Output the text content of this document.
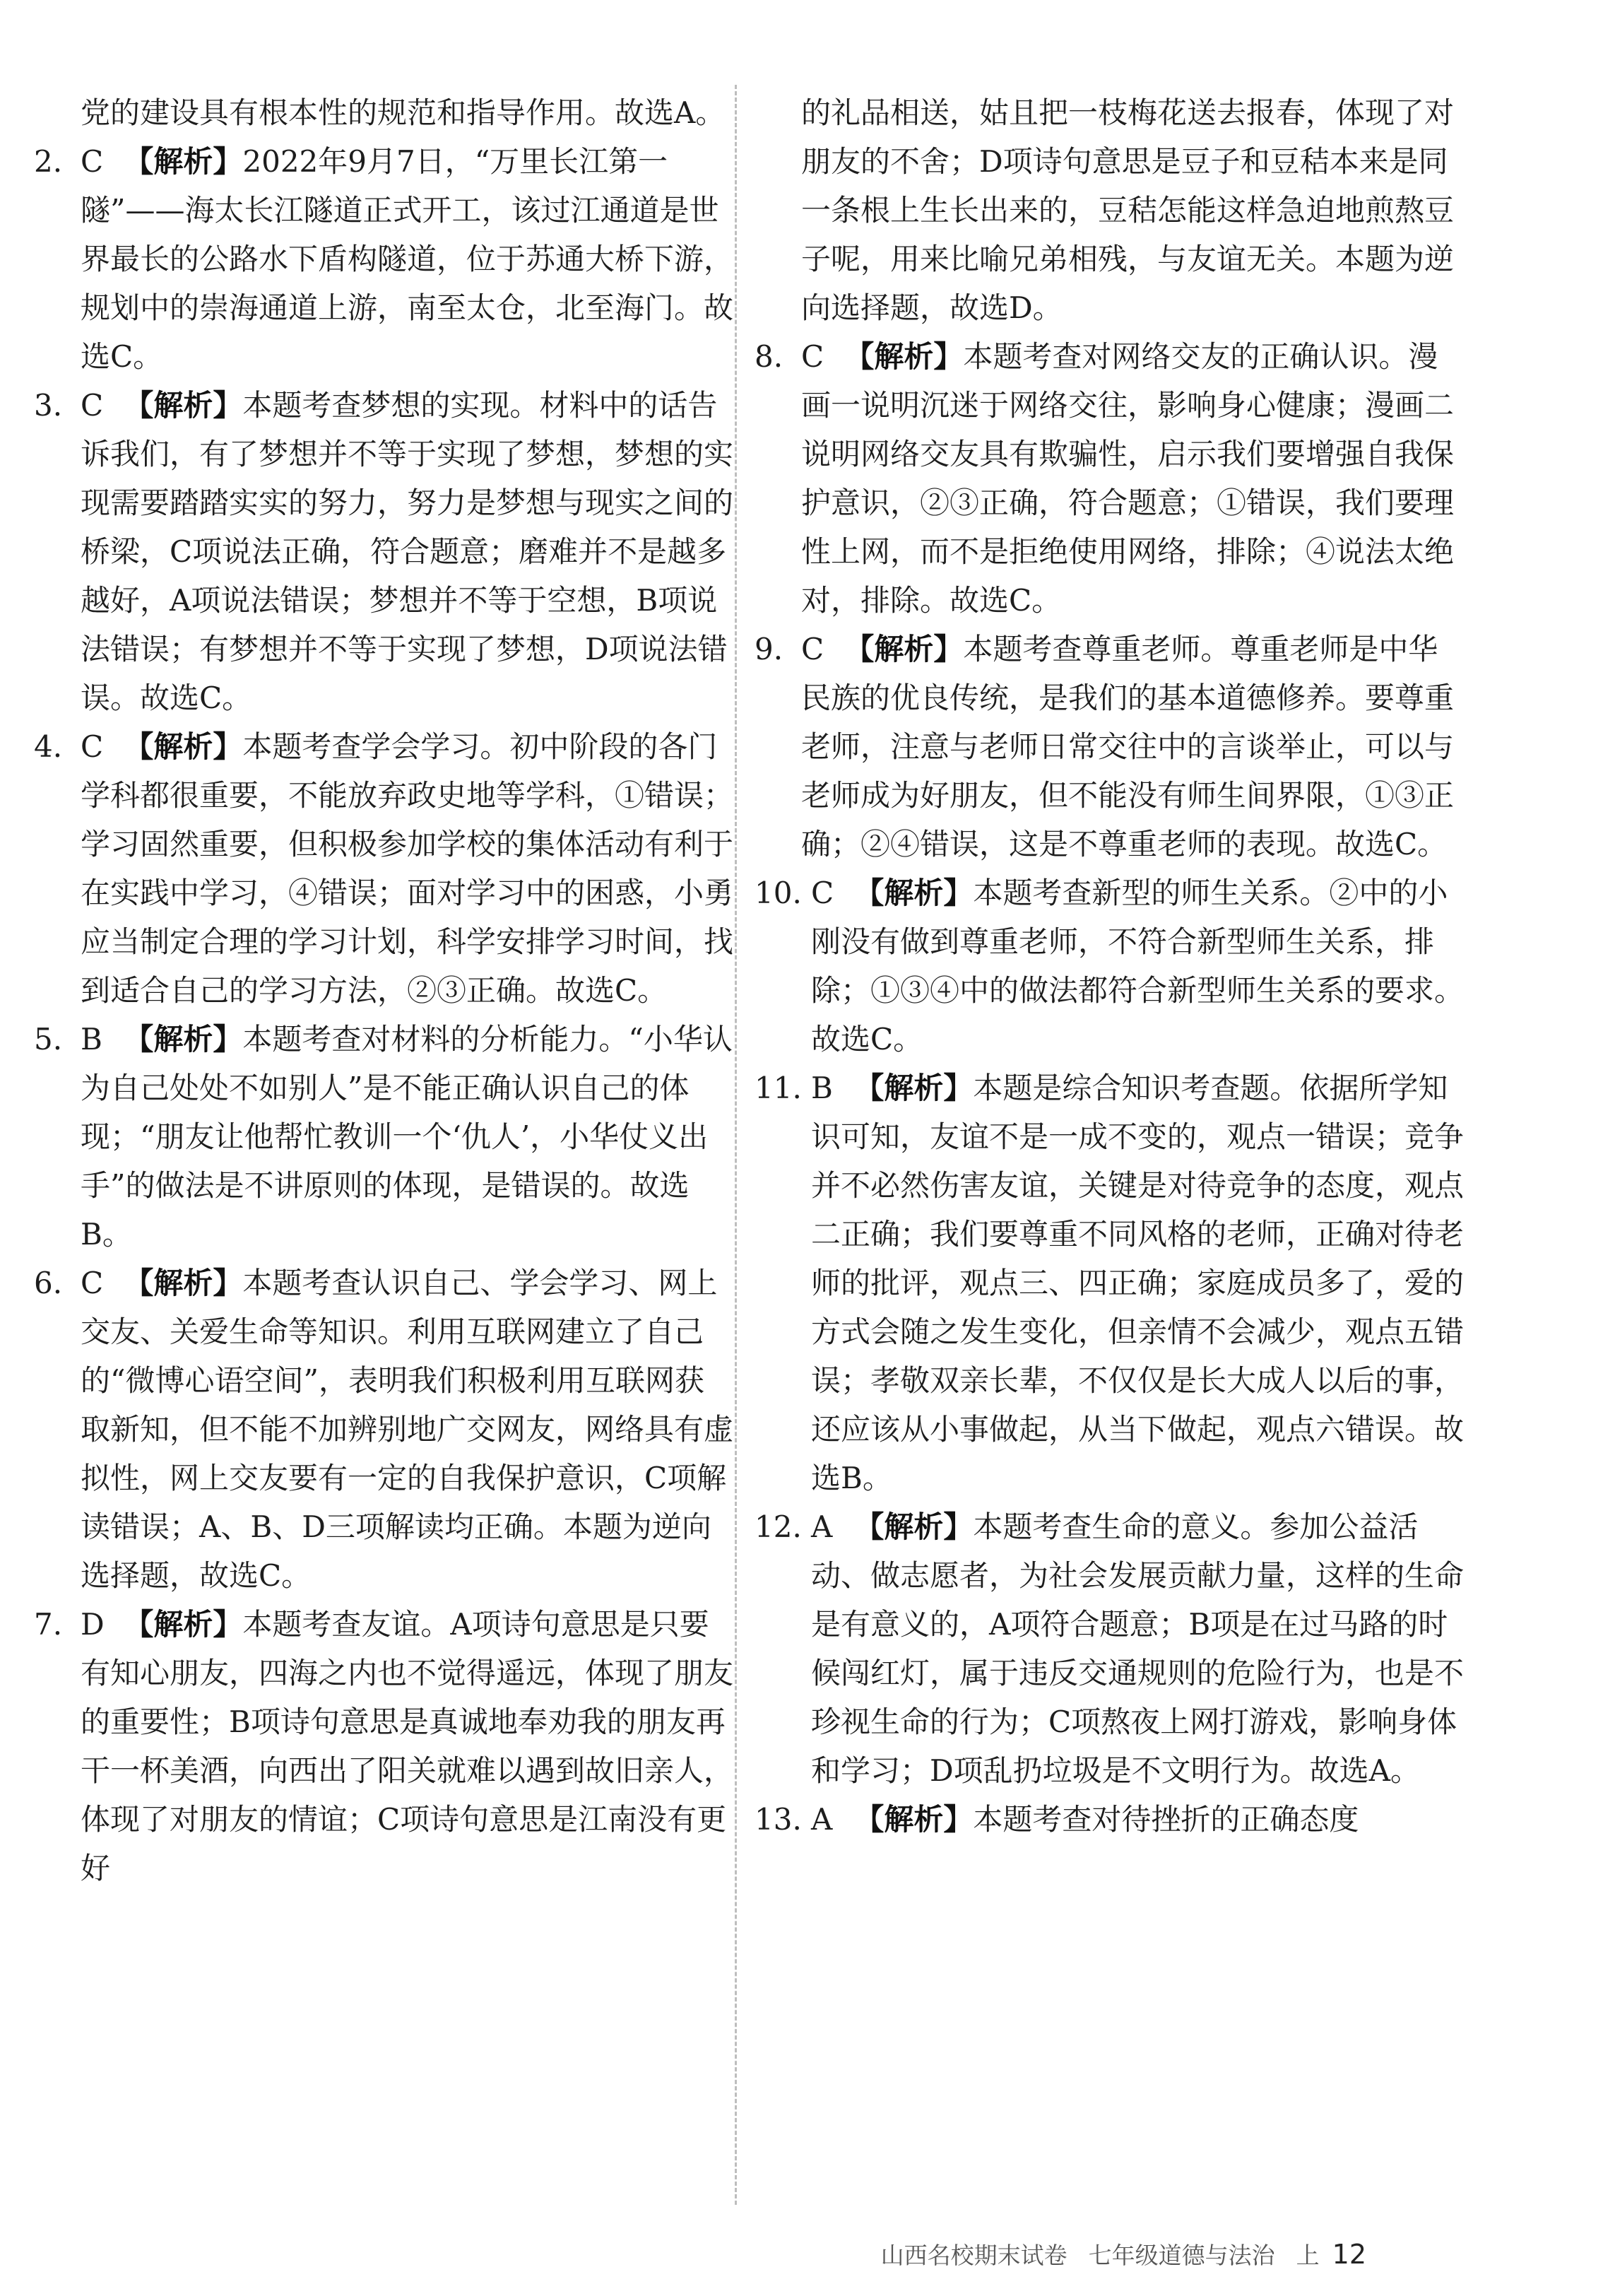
党的建设具有根本性的规范和指导作用。故选A。

2. C 【解析】2022年9月7日，“万里长江第一隧”——海太长江隧道正式开工，该过江通道是世界最长的公路水下盾构隧道，位于苏通大桥下游，规划中的崇海通道上游，南至太仓，北至海门。故选C。

3. C 【解析】本题考查梦想的实现。材料中的话告诉我们，有了梦想并不等于实现了梦想，梦想的实现需要踏踏实实的努力，努力是梦想与现实之间的桥梁，C项说法正确，符合题意；磨难并不是越多越好，A项说法错误；梦想并不等于空想，B项说法错误；有梦想并不等于实现了梦想，D项说法错误。故选C。

4. C 【解析】本题考查学会学习。初中阶段的各门学科都很重要，不能放弃政史地等学科，①错误；学习固然重要，但积极参加学校的集体活动有利于在实践中学习，④错误；面对学习中的困惑，小勇应当制定合理的学习计划，科学安排学习时间，找到适合自己的学习方法，②③正确。故选C。

5. B 【解析】本题考查对材料的分析能力。“小华认为自己处处不如别人”是不能正确认识自己的体现；“朋友让他帮忙教训一个‘仇人’，小华仗义出手”的做法是不讲原则的体现，是错误的。故选B。

6. C 【解析】本题考查认识自己、学会学习、网上交友、关爱生命等知识。利用互联网建立了自己的“微博心语空间”，表明我们积极利用互联网获取新知，但不能不加辨别地广交网友，网络具有虚拟性，网上交友要有一定的自我保护意识，C项解读错误；A、B、D三项解读均正确。本题为逆向选择题，故选C。

7. D 【解析】本题考查友谊。A项诗句意思是只要有知心朋友，四海之内也不觉得遥远，体现了朋友的重要性；B项诗句意思是真诚地奉劝我的朋友再干一杯美酒，向西出了阳关就难以遇到故旧亲人，体现了对朋友的情谊；C项诗句意思是江南没有更好

的礼品相送，姑且把一枝梅花送去报春，体现了对朋友的不舍；D项诗句意思是豆子和豆秸本来是同一条根上生长出来的，豆秸怎能这样急迫地煎熬豆子呢，用来比喻兄弟相残，与友谊无关。本题为逆向选择题，故选D。

8. C 【解析】本题考查对网络交友的正确认识。漫画一说明沉迷于网络交往，影响身心健康；漫画二说明网络交友具有欺骗性，启示我们要增强自我保护意识，②③正确，符合题意；①错误，我们要理性上网，而不是拒绝使用网络，排除；④说法太绝对，排除。故选C。

9. C 【解析】本题考查尊重老师。尊重老师是中华民族的优良传统，是我们的基本道德修养。要尊重老师，注意与老师日常交往中的言谈举止，可以与老师成为好朋友，但不能没有师生间界限，①③正确；②④错误，这是不尊重老师的表现。故选C。

10. C 【解析】本题考查新型的师生关系。②中的小刚没有做到尊重老师，不符合新型师生关系，排除；①③④中的做法都符合新型师生关系的要求。故选C。

11. B 【解析】本题是综合知识考查题。依据所学知识可知，友谊不是一成不变的，观点一错误；竞争并不必然伤害友谊，关键是对待竞争的态度，观点二正确；我们要尊重不同风格的老师，正确对待老师的批评，观点三、四正确；家庭成员多了，爱的方式会随之发生变化，但亲情不会减少，观点五错误；孝敬双亲长辈，不仅仅是长大成人以后的事，还应该从小事做起，从当下做起，观点六错误。故选B。

12. A 【解析】本题考查生命的意义。参加公益活动、做志愿者，为社会发展贡献力量，这样的生命是有意义的，A项符合题意；B项是在过马路的时候闯红灯，属于违反交通规则的危险行为，也是不珍视生命的行为；C项熬夜上网打游戏，影响身体和学习；D项乱扔垃圾是不文明行为。故选A。

13. A 【解析】本题考查对待挫折的正确态度

山西名校期末试卷 七年级道德与法治 上 12
